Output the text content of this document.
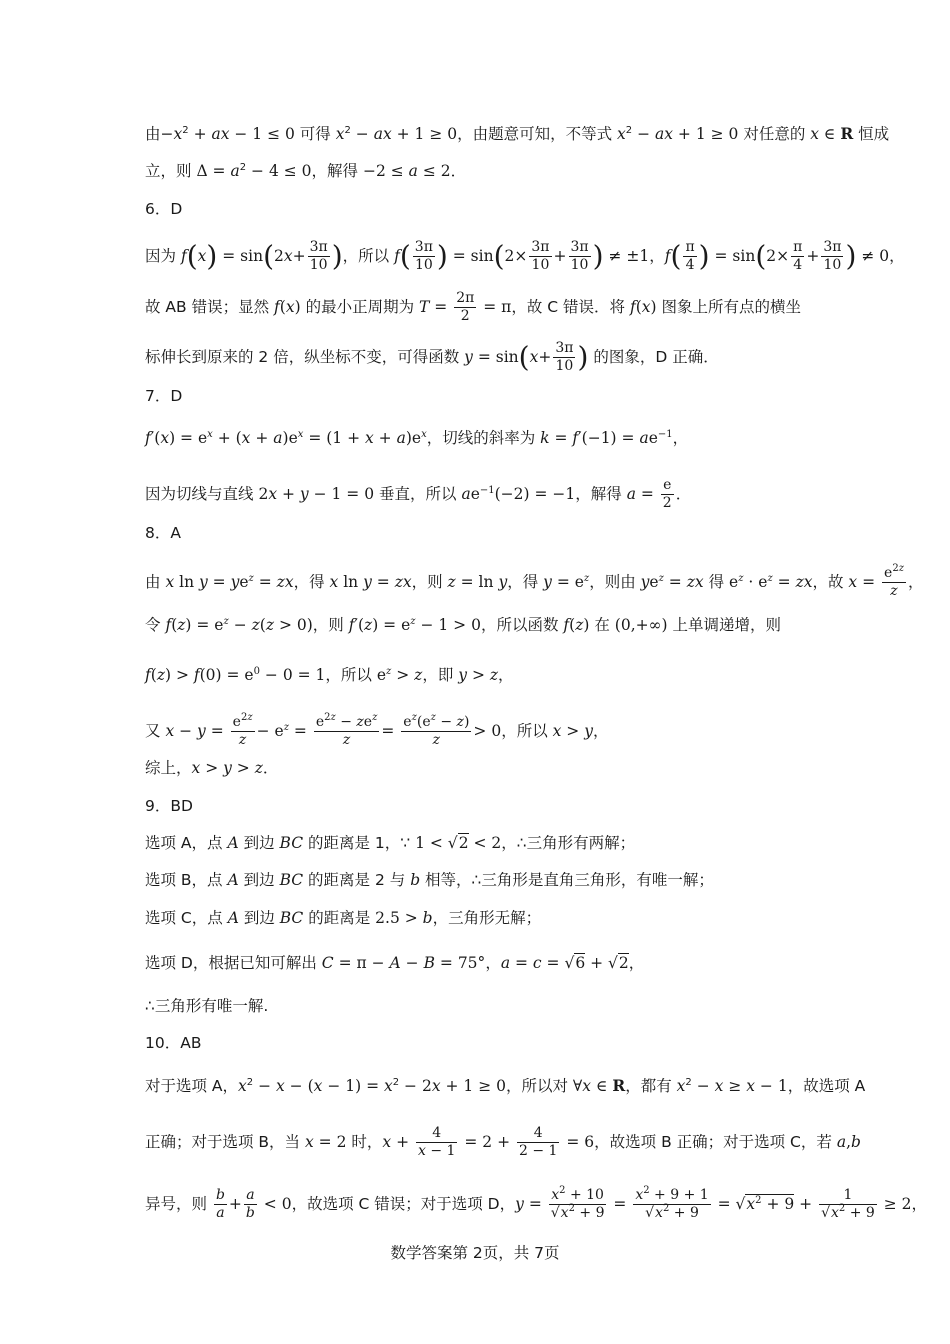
由$-x^2$ + ax − 1 ≤ 0 可得 $x^2$ − ax + 1 ≥ 0，由题意可知，不等式 $x^2$ − ax + 1 ≥ 0 对任意的 x ∈ R 恒成
立，则 $\Delta = a^2 - 4 \le 0$，解得 −2 ≤ a ≤ 2．
6．D
因为 $f(x) = \sin(2x+ \frac{3\pi}{10}$ )，所以 $f( \frac{3\pi}{10}$ ) = $\sin(2\times \frac{3\pi}{10} + \frac{3\pi}{10}$ ) ≠ ±1，$f( \frac{\pi}{4}$ ) = $\sin(2\times \frac{\pi}{4} + \frac{3\pi}{10}$ ) ≠ 0，
故 AB 错误；显然 f(x) 的最小正周期为 $T = \frac{2\pi}{2} = \pi$，故 C 错误．将 f(x) 图象上所有点的横坐
标伸长到原来的 2 倍，纵坐标不变，可得函数 $y = \sin(x+ \frac{3\pi}{10}$ ) 的图象，D 正确．
7．D
$f'(x) = e^x + (x + a)e^x = (1 + x + a)e^x$，切线的斜率为 $k = f'(-1) = ae^{-1}$，
因为切线与直线 2x + y − 1 = 0 垂直，所以 $ae^{-1}(-2) = -1$，解得 $a = \frac{e}{2}$ ．
8．A
由 x $\ln y = ye^z$ = zx，得 x ln y = zx，则 z = ln y，得 $y = e^z$，则由 $ye^z$ = zx 得 $e^z \cdot e^z$ = zx，故 $x = \frac{e^{2z}}{z}$ ，
令 $f(z) = e^z - z(z > 0)$，则 $f'(z) = e^z - 1 > 0$，所以函数 f(z) 在 (0,+∞) 上单调递增，则
$f(z) > f(0) = e^0 - 0 = 1$，所以 $e^z > z$，即 y > z，
又 $x - y = \frac{e^{2z}}{z} - e^z = \frac{e^{2z} - ze^z}{z} = \frac{e^z(e^z - z)}{z} > 0$，所以 x > y，
综上，x > y > z．
9．BD
选项 A，点 A 到边 BC 的距离是 1，∵ 1 < √2 < 2，∴三角形有两解；
选项 B，点 A 到边 BC 的距离是 2 与 b 相等，∴三角形是直角三角形，有唯一解；
选项 C，点 A 到边 BC 的距离是 2.5 > b，三角形无解；
选项 D，根据已知可解出 C = π − A − B = 75°，a = c = √6 + √2，
∴三角形有唯一解.
10．AB
对于选项 A，$x^2 - x - (x - 1) = x^2 - 2x + 1 \ge 0$，所以对 ∀x ∈ R，都有 $x^2 - x \ge x - 1$，故选项 A
正确；对于选项 B，当 x = 2 时，$x + \frac{4}{x - 1} = 2 + \frac{4}{2 - 1} = 6$，故选项 B 正确；对于选项 C，若 a,b
异号，则 $\frac{b}{a} + \frac{a}{b} < 0$，故选项 C 错误；对于选项 D，$y = \frac{x^2 + 10}{√x^2 + 9} = \frac{x^2 + 9 + 1}{√x^2 + 9} = √x^2 + 9 + \frac{1}{√x^2 + 9} \ge 2$，
数学答案第 2页，共 7页
